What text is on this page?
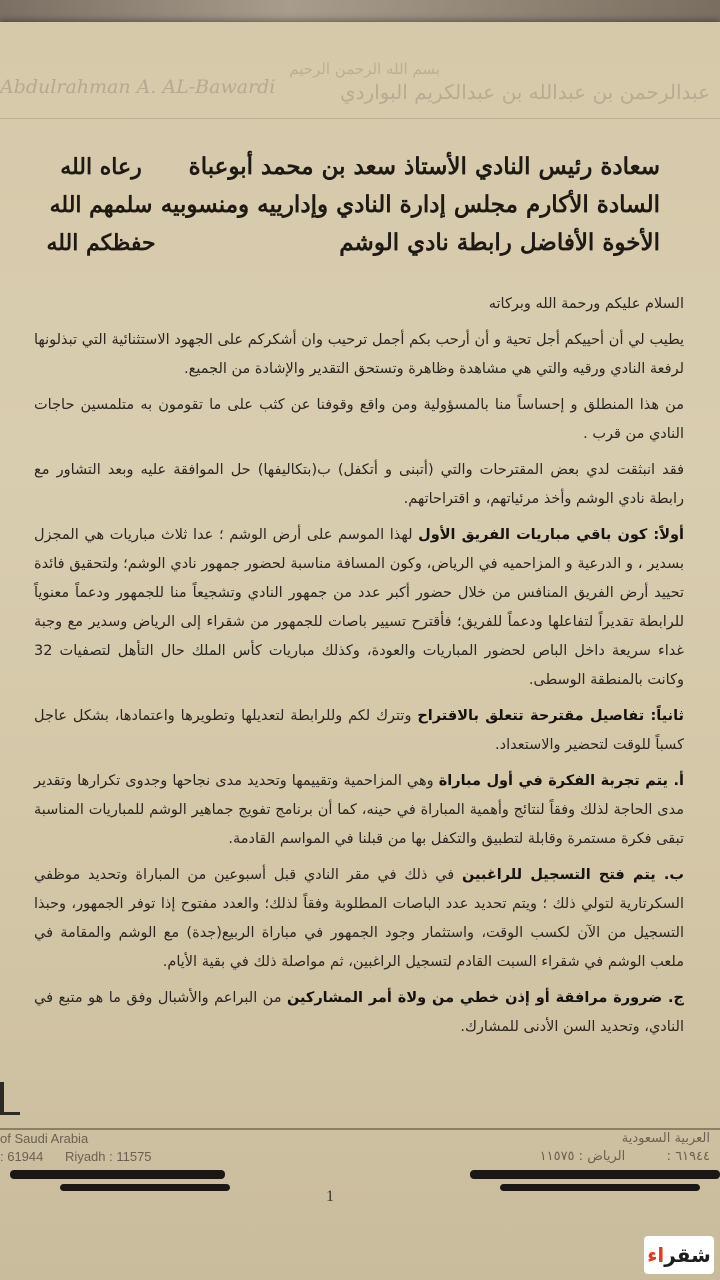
بسم الله الرحمن الرحيم
Abdulrahman A. AL-Bawardi	عبدالرحمن بن عبدالله بن عبدالكريم البواردي
سعادة رئيس النادي الأستاذ سعد بن محمد أبوعباة
السادة الأكارم مجلس إدارة النادي وإدارييه ومنسوبيه
الأخوة الأفاضل رابطة نادي الوشم
رعاه الله
سلمهم الله
حفظكم الله

السلام عليكم ورحمة الله وبركاته

يطيب لي أن أحييكم أجل تحية و أن أرحب بكم أجمل ترحيب وان أشكركم على الجهود الاستثنائية التي تبذلونها لرفعة النادي ورقيه والتي هي مشاهدة وظاهرة وتستحق التقدير والإشادة من الجميع.

من هذا المنطلق و إحساساً منا بالمسؤولية ومن واقع وقوفنا عن كثب على ما تقومون به متلمسين حاجات النادي من قرب .

فقد انبثقت لدي بعض المقترحات والتي (أتبنى و أتكفل) ب(بتكاليفها) حل الموافقة عليه وبعد التشاور مع رابطة نادي الوشم وأخذ مرئياتهم، و اقتراحاتهم.

أولاً: كون باقي مباريات الفريق الأول لهذا الموسم على أرض الوشم ؛ عدا ثلاث مباريات هي المجزل بسدير ، و الدرعية و المزاحميه في الرياض، وكون المسافة مناسبة لحضور جمهور نادي الوشم؛ ولتحقيق فائدة تحييد أرض الفريق المنافس من خلال حضور أكبر عدد من جمهور النادي وتشجيعاً منا للجمهور ودعماً معنوياً للرابطة تقديراً لتفاعلها ودعماً للفريق؛ فأقترح تسيير باصات للجمهور من شقراء إلى الرياض وسدير مع وجبة غداء سريعة داخل الباص لحضور المباريات والعودة، وكذلك مباريات كأس الملك حال التأهل لتصفيات 32 وكانت بالمنطقة الوسطى.

ثانياً: تفاصيل مقترحة تتعلق بالاقتراح وتترك لكم وللرابطة لتعديلها وتطويرها واعتمادها، بشكل عاجل كسباً للوقت لتحضير والاستعداد.

أ. يتم تجربة الفكرة في أول مباراة وهي المزاحمية وتقييمها وتحديد مدى نجاحها وجدوى تكرارها وتقدير مدى الحاجة لذلك وفقاً لنتائج وأهمية المباراة في حينه، كما أن برنامج تفويج جماهير الوشم للمباريات المناسبة تبقى فكرة مستمرة وقابلة لتطبيق والتكفل بها من قبلنا في المواسم القادمة.

ب. يتم فتح التسجيل للراغبين في ذلك في مقر النادي قبل أسبوعين من المباراة وتحديد موظفي السكرتارية لتولي ذلك ؛ ويتم تحديد عدد الباصات المطلوبة وفقاً لذلك؛ والعدد مفتوح إذا توفر الجمهور، وحبذا التسجيل من الآن لكسب الوقت، واستثمار وجود الجمهور في مباراة الربيع(جدة) مع الوشم والمقامة في ملعب الوشم في شقراء السبت القادم لتسجيل الراغبين، ثم مواصلة ذلك في بقية الأيام.

ج. ضرورة مرافقة أو إذن خطي من ولاة أمر المشاركين من البراعم والأشبال وفق ما هو متبع في النادي، وتحديد السن الأدنى للمشارك.

of Saudi Arabia
: 61944 Riyadh : 11575
العربية السعودية
٦١٩٤٤ :          الرياض : ١١٥٧٥
1
شقر
اء
